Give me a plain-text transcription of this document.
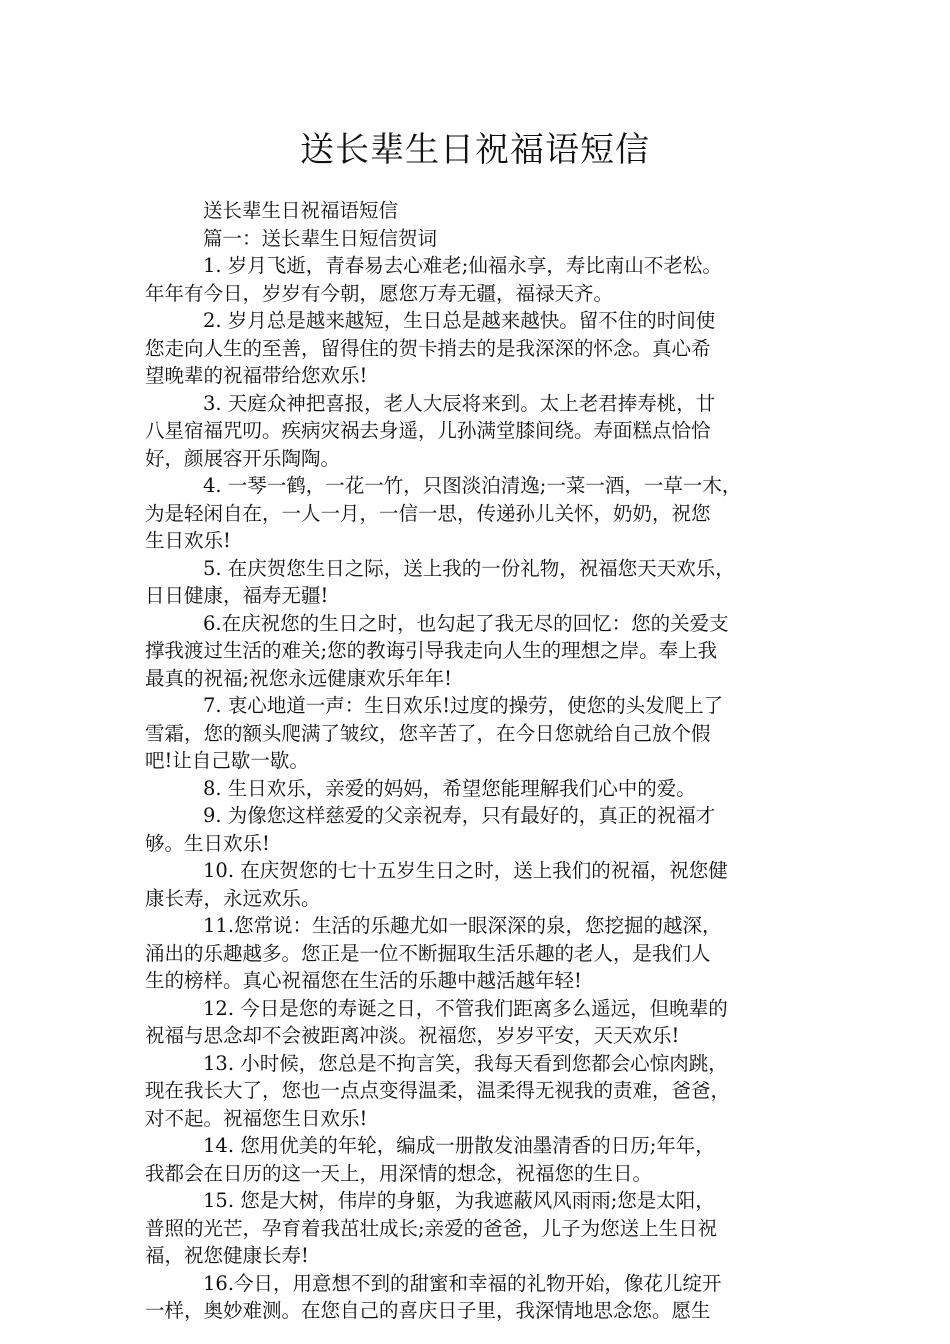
送长辈生日祝福语短信
送长辈生日祝福语短信
篇一：送长辈生日短信贺词
1. 岁月飞逝，青春易去心难老;仙福永享，寿比南山不老松。
年年有今日，岁岁有今朝，愿您万寿无疆，福禄天齐。
2. 岁月总是越来越短，生日总是越来越快。留不住的时间使
您走向人生的至善，留得住的贺卡捎去的是我深深的怀念。真心希
望晚辈的祝福带给您欢乐!
3. 天庭众神把喜报，老人大辰将来到。太上老君捧寿桃，廿
八星宿福咒叨。疾病灾祸去身遥，儿孙满堂膝间绕。寿面糕点恰恰
好，颜展容开乐陶陶。
4. 一琴一鹤，一花一竹，只图淡泊清逸;一菜一酒，一草一木，
为是轻闲自在，一人一月，一信一思，传递孙儿关怀，奶奶，祝您
生日欢乐!
5. 在庆贺您生日之际，送上我的一份礼物，祝福您天天欢乐，
日日健康，福寿无疆!
6.在庆祝您的生日之时，也勾起了我无尽的回忆：您的关爱支
撑我渡过生活的难关;您的教诲引导我走向人生的理想之岸。奉上我
最真的祝福;祝您永远健康欢乐年年!
7. 衷心地道一声：生日欢乐!过度的操劳，使您的头发爬上了
雪霜，您的额头爬满了皱纹，您辛苦了，在今日您就给自己放个假
吧!让自己歇一歇。
8. 生日欢乐，亲爱的妈妈，希望您能理解我们心中的爱。
9. 为像您这样慈爱的父亲祝寿，只有最好的，真正的祝福才
够。生日欢乐!
10. 在庆贺您的七十五岁生日之时，送上我们的祝福，祝您健
康长寿，永远欢乐。
11.您常说：生活的乐趣尤如一眼深深的泉，您挖掘的越深，
涌出的乐趣越多。您正是一位不断掘取生活乐趣的老人，是我们人
生的榜样。真心祝福您在生活的乐趣中越活越年轻!
12. 今日是您的寿诞之日，不管我们距离多么遥远，但晚辈的
祝福与思念却不会被距离冲淡。祝福您，岁岁平安，天天欢乐!
13. 小时候，您总是不拘言笑，我每天看到您都会心惊肉跳，
现在我长大了，您也一点点变得温柔，温柔得无视我的责难，爸爸，
对不起。祝福您生日欢乐!
14. 您用优美的年轮，编成一册散发油墨清香的日历;年年，
我都会在日历的这一天上，用深情的想念，祝福您的生日。
15. 您是大树，伟岸的身躯，为我遮蔽风风雨雨;您是太阳，
普照的光芒，孕育着我茁壮成长;亲爱的爸爸，儿子为您送上生日祝
福，祝您健康长寿!
16.今日，用意想不到的甜蜜和幸福的礼物开始，像花儿绽开
一样，奥妙难测。在您自己的喜庆日子里，我深情地思念您。愿生
